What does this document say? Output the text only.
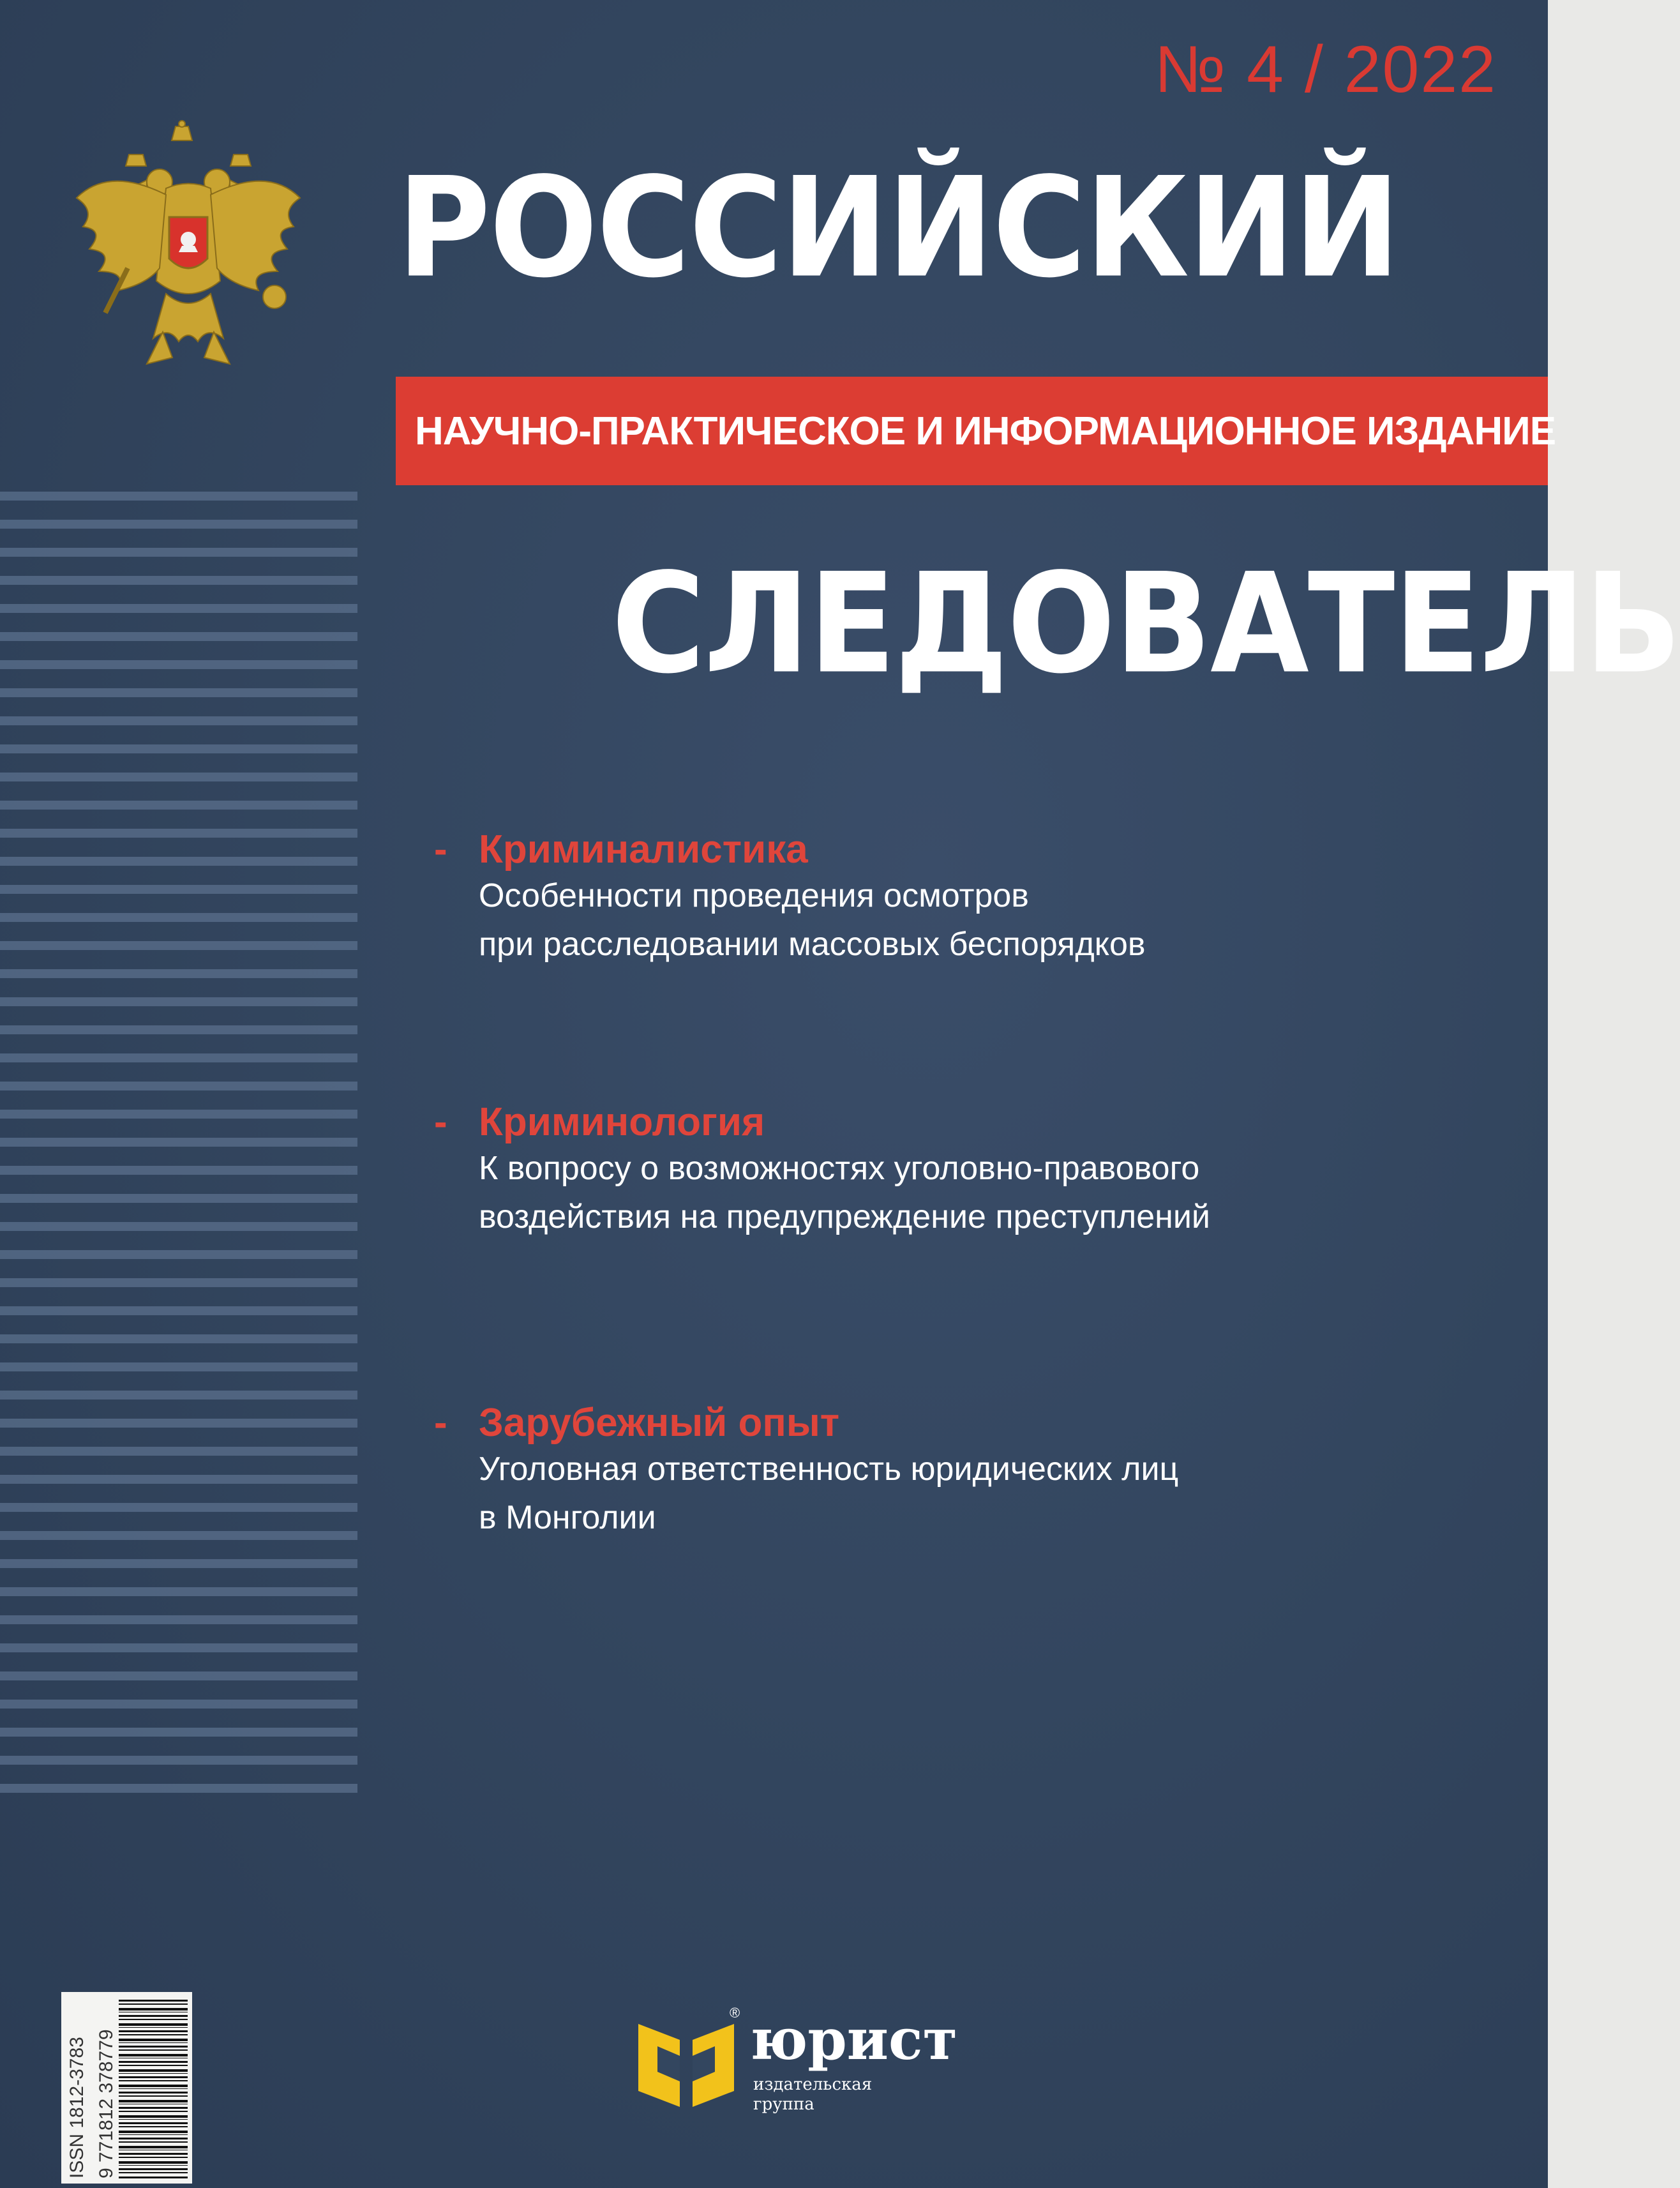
№ 4 / 2022
РОССИЙСКИЙ
НАУЧНО-ПРАКТИЧЕСКОЕ И ИНФОРМАЦИОННОЕ ИЗДАНИЕ
СЛЕДОВАТЕЛЬ
- Криминалистика
Особенности проведения осмотров
при расследовании массовых беспорядков
- Криминология
К вопросу о возможностях уголовно-правового
воздействия на предупреждение преступлений
- Зарубежный опыт
Уголовная ответственность юридических лиц
в Монголии
ISSN 1812-3783 9 771812 378779
® юрист
издательская
группа
